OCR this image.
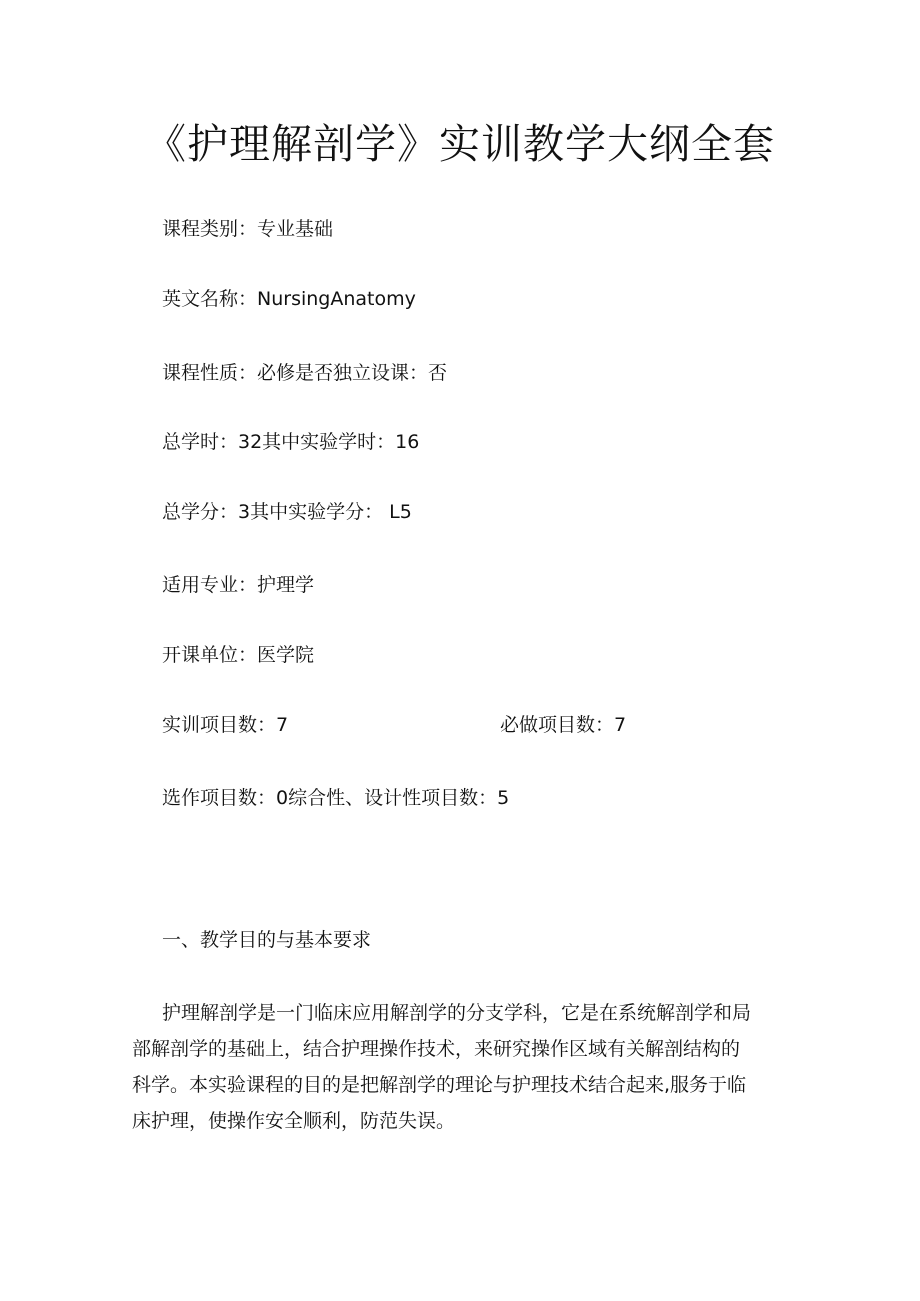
《护理解剖学》实训教学大纲全套
课程类别：专业基础
英文名称：NursingAnatomy
课程性质：必修是否独立设课：否
总学时：32其中实验学时：16
总学分：3其中实验学分： L5
适用专业：护理学
开课单位：医学院
实训项目数：7	必做项目数：7
选作项目数：0综合性、设计性项目数：5
一、教学目的与基本要求
护理解剖学是一门临床应用解剖学的分支学科，它是在系统解剖学和局
部解剖学的基础上，结合护理操作技术，来研究操作区域有关解剖结构的
科学。本实验课程的目的是把解剖学的理论与护理技术结合起来,服务于临
床护理，使操作安全顺利，防范失误。
